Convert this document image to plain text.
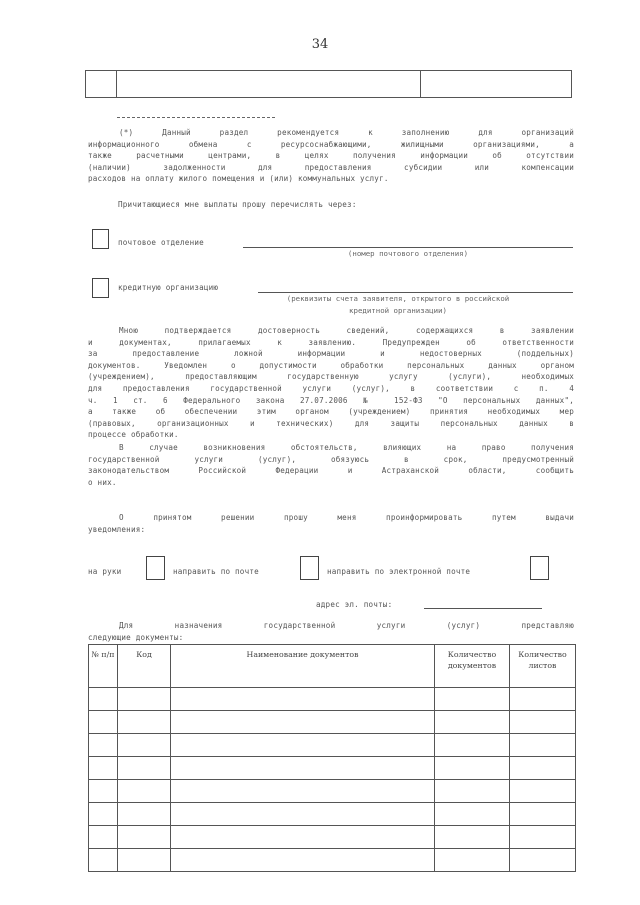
34
(*) Данный раздел рекомендуется к заполнению для организаций
информационного обмена с ресурсоснабжающими, жилищными организациями, а
также расчетными центрами, в целях получения информации об отсутствии
(наличии) задолженности для предоставления субсидии или компенсации
расходов на оплату жилого помещения и (или) коммунальных услуг.
Причитающиеся мне выплаты прошу перечислять через:
почтовое отделение
(номер почтового отделения)
кредитную организацию
(реквизиты счета заявителя, открытого в российской
кредитной организации)
Мною подтверждается достоверность сведений, содержащихся в заявлении
и документах, прилагаемых к заявлению. Предупрежден об ответственности
за предоставление ложной информации и недостоверных (поддельных)
документов. Уведомлен о допустимости обработки персональных данных органом
(учреждением), предоставляющим государственную услугу (услуги), необходимых
для предоставления государственной услуги (услуг), в соответствии с п. 4
ч. 1 ст. 6 Федерального закона 27.07.2006 № 152-ФЗ "О персональных данных",
а также об обеспечении этим органом (учреждением) принятия необходимых мер
(правовых, организационных и технических) для защиты персональных данных в
процессе обработки.
В случае возникновения обстоятельств, влияющих на право получения
государственной услуги (услуг), обязуюсь в срок, предусмотренный
законодательством Российской Федерации и Астраханской области, сообщить
о них.
О принятом решении прошу меня проинформировать путем выдачи
уведомления:
на руки	направить по почте	направить по электронной почте
адрес эл. почты:
Для назначения государственной услуги (услуг) представляю
следующие документы:
№ п/п	Код	Наименование документов	Количество документов	Количество листов
